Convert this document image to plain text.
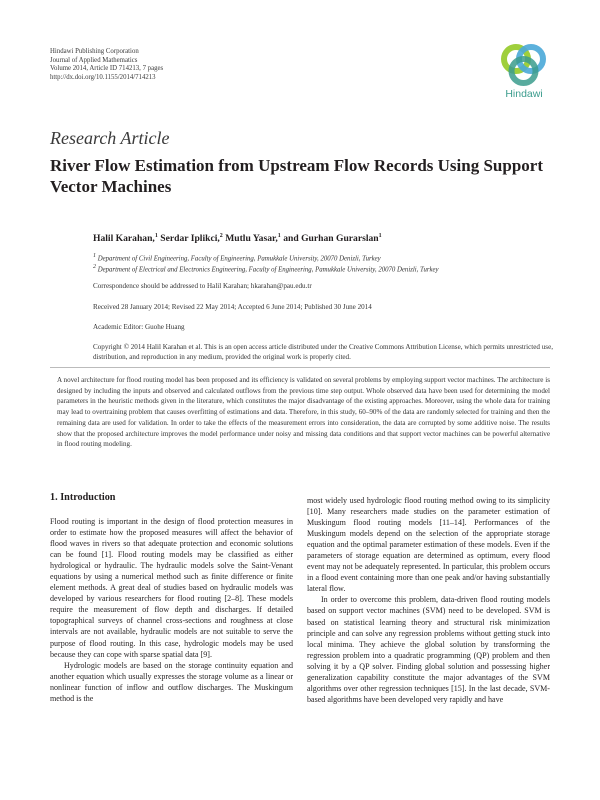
Hindawi Publishing Corporation
Journal of Applied Mathematics
Volume 2014, Article ID 714213, 7 pages
http://dx.doi.org/10.1155/2014/714213
Hindawi
Research Article
River Flow Estimation from Upstream Flow Records Using Support Vector Machines
Halil Karahan,$^1$ Serdar Iplikci,$^2$ Mutlu Yasar,$^1$ and Gurhan Gurarslan$^1$
$^1$ Department of Civil Engineering, Faculty of Engineering, Pamukkale University, 20070 Denizli, Turkey
$^2$ Department of Electrical and Electronics Engineering, Faculty of Engineering, Pamukkale University, 20070 Denizli, Turkey
Correspondence should be addressed to Halil Karahan; hkarahan@pau.edu.tr
Received 28 January 2014; Revised 22 May 2014; Accepted 6 June 2014; Published 30 June 2014
Academic Editor: Guohe Huang
Copyright © 2014 Halil Karahan et al. This is an open access article distributed under the Creative Commons Attribution License, which permits unrestricted use, distribution, and reproduction in any medium, provided the original work is properly cited.
A novel architecture for flood routing model has been proposed and its efficiency is validated on several problems by employing support vector machines. The architecture is designed by including the inputs and observed and calculated outflows from the previous time step output. Whole observed data have been used for determining the model parameters in the heuristic methods given in the literature, which constitutes the major disadvantage of the existing approaches. Moreover, using the whole data for training may lead to overtraining problem that causes overfitting of estimations and data. Therefore, in this study, 60–90% of the data are randomly selected for training and then the remaining data are used for validation. In order to take the effects of the measurement errors into consideration, the data are corrupted by some additive noise. The results show that the proposed architecture improves the model performance under noisy and missing data conditions and that support vector machines can be powerful alternative in flood routing modeling.
1. Introduction

Flood routing is important in the design of flood protection measures in order to estimate how the proposed measures will affect the behavior of flood waves in rivers so that adequate protection and economic solutions can be found [1]. Flood routing models may be classified as either hydrological or hydraulic. The hydraulic models solve the Saint-Venant equations by using a numerical method such as finite difference or finite element methods. A great deal of studies based on hydraulic models was developed by various researchers for flood routing [2–8]. These models require the measurement of flow depth and discharges. If detailed topographical surveys of channel cross-sections and roughness at close intervals are not available, hydraulic models are not suitable to serve the purpose of flood routing. In this case, hydrologic models may be used because they can cope with sparse spatial data [9].

Hydrologic models are based on the storage continuity equation and another equation which usually expresses the storage volume as a linear or nonlinear function of inflow and outflow discharges. The Muskingum method is the

most widely used hydrologic flood routing method owing to its simplicity [10]. Many researchers made studies on the parameter estimation of Muskingum flood routing models [11–14]. Performances of the Muskingum models depend on the selection of the appropriate storage equation and the optimal parameter estimation of these models. Even if the parameters of storage equation are determined as optimum, every flood event may not be adequately represented. In particular, this problem occurs in a flood event containing more than one peak and/or having substantially lateral flow.

In order to overcome this problem, data-driven flood routing models based on support vector machines (SVM) need to be developed. SVM is based on statistical learning theory and structural risk minimization principle and can solve any regression problems without getting stuck into local minima. They achieve the global solution by transforming the regression problem into a quadratic programming (QP) problem and then solving it by a QP solver. Finding global solution and possessing higher generalization capability constitute the major advantages of the SVM algorithms over other regression techniques [15]. In the last decade, SVM-based algorithms have been developed very rapidly and have
